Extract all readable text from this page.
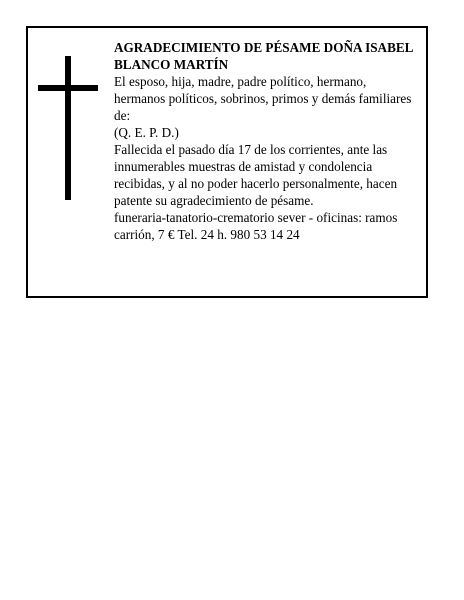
AGRADECIMIENTO DE PÉSAME DOÑA ISABEL BLANCO MARTÍN

El esposo, hija, madre, padre político, hermano, hermanos políticos, sobrinos, primos y demás familiares de:

(Q. E. P. D.)

Fallecida el pasado día 17 de los corrientes, ante las innumerables muestras de amistad y condolencia recibidas, y al no poder hacerlo personalmente, hacen patente su agradecimiento de pésame.

funeraria-tanatorio-crematorio sever - oficinas: ramos carrión, 7 € Tel. 24 h. 980 53 14 24
